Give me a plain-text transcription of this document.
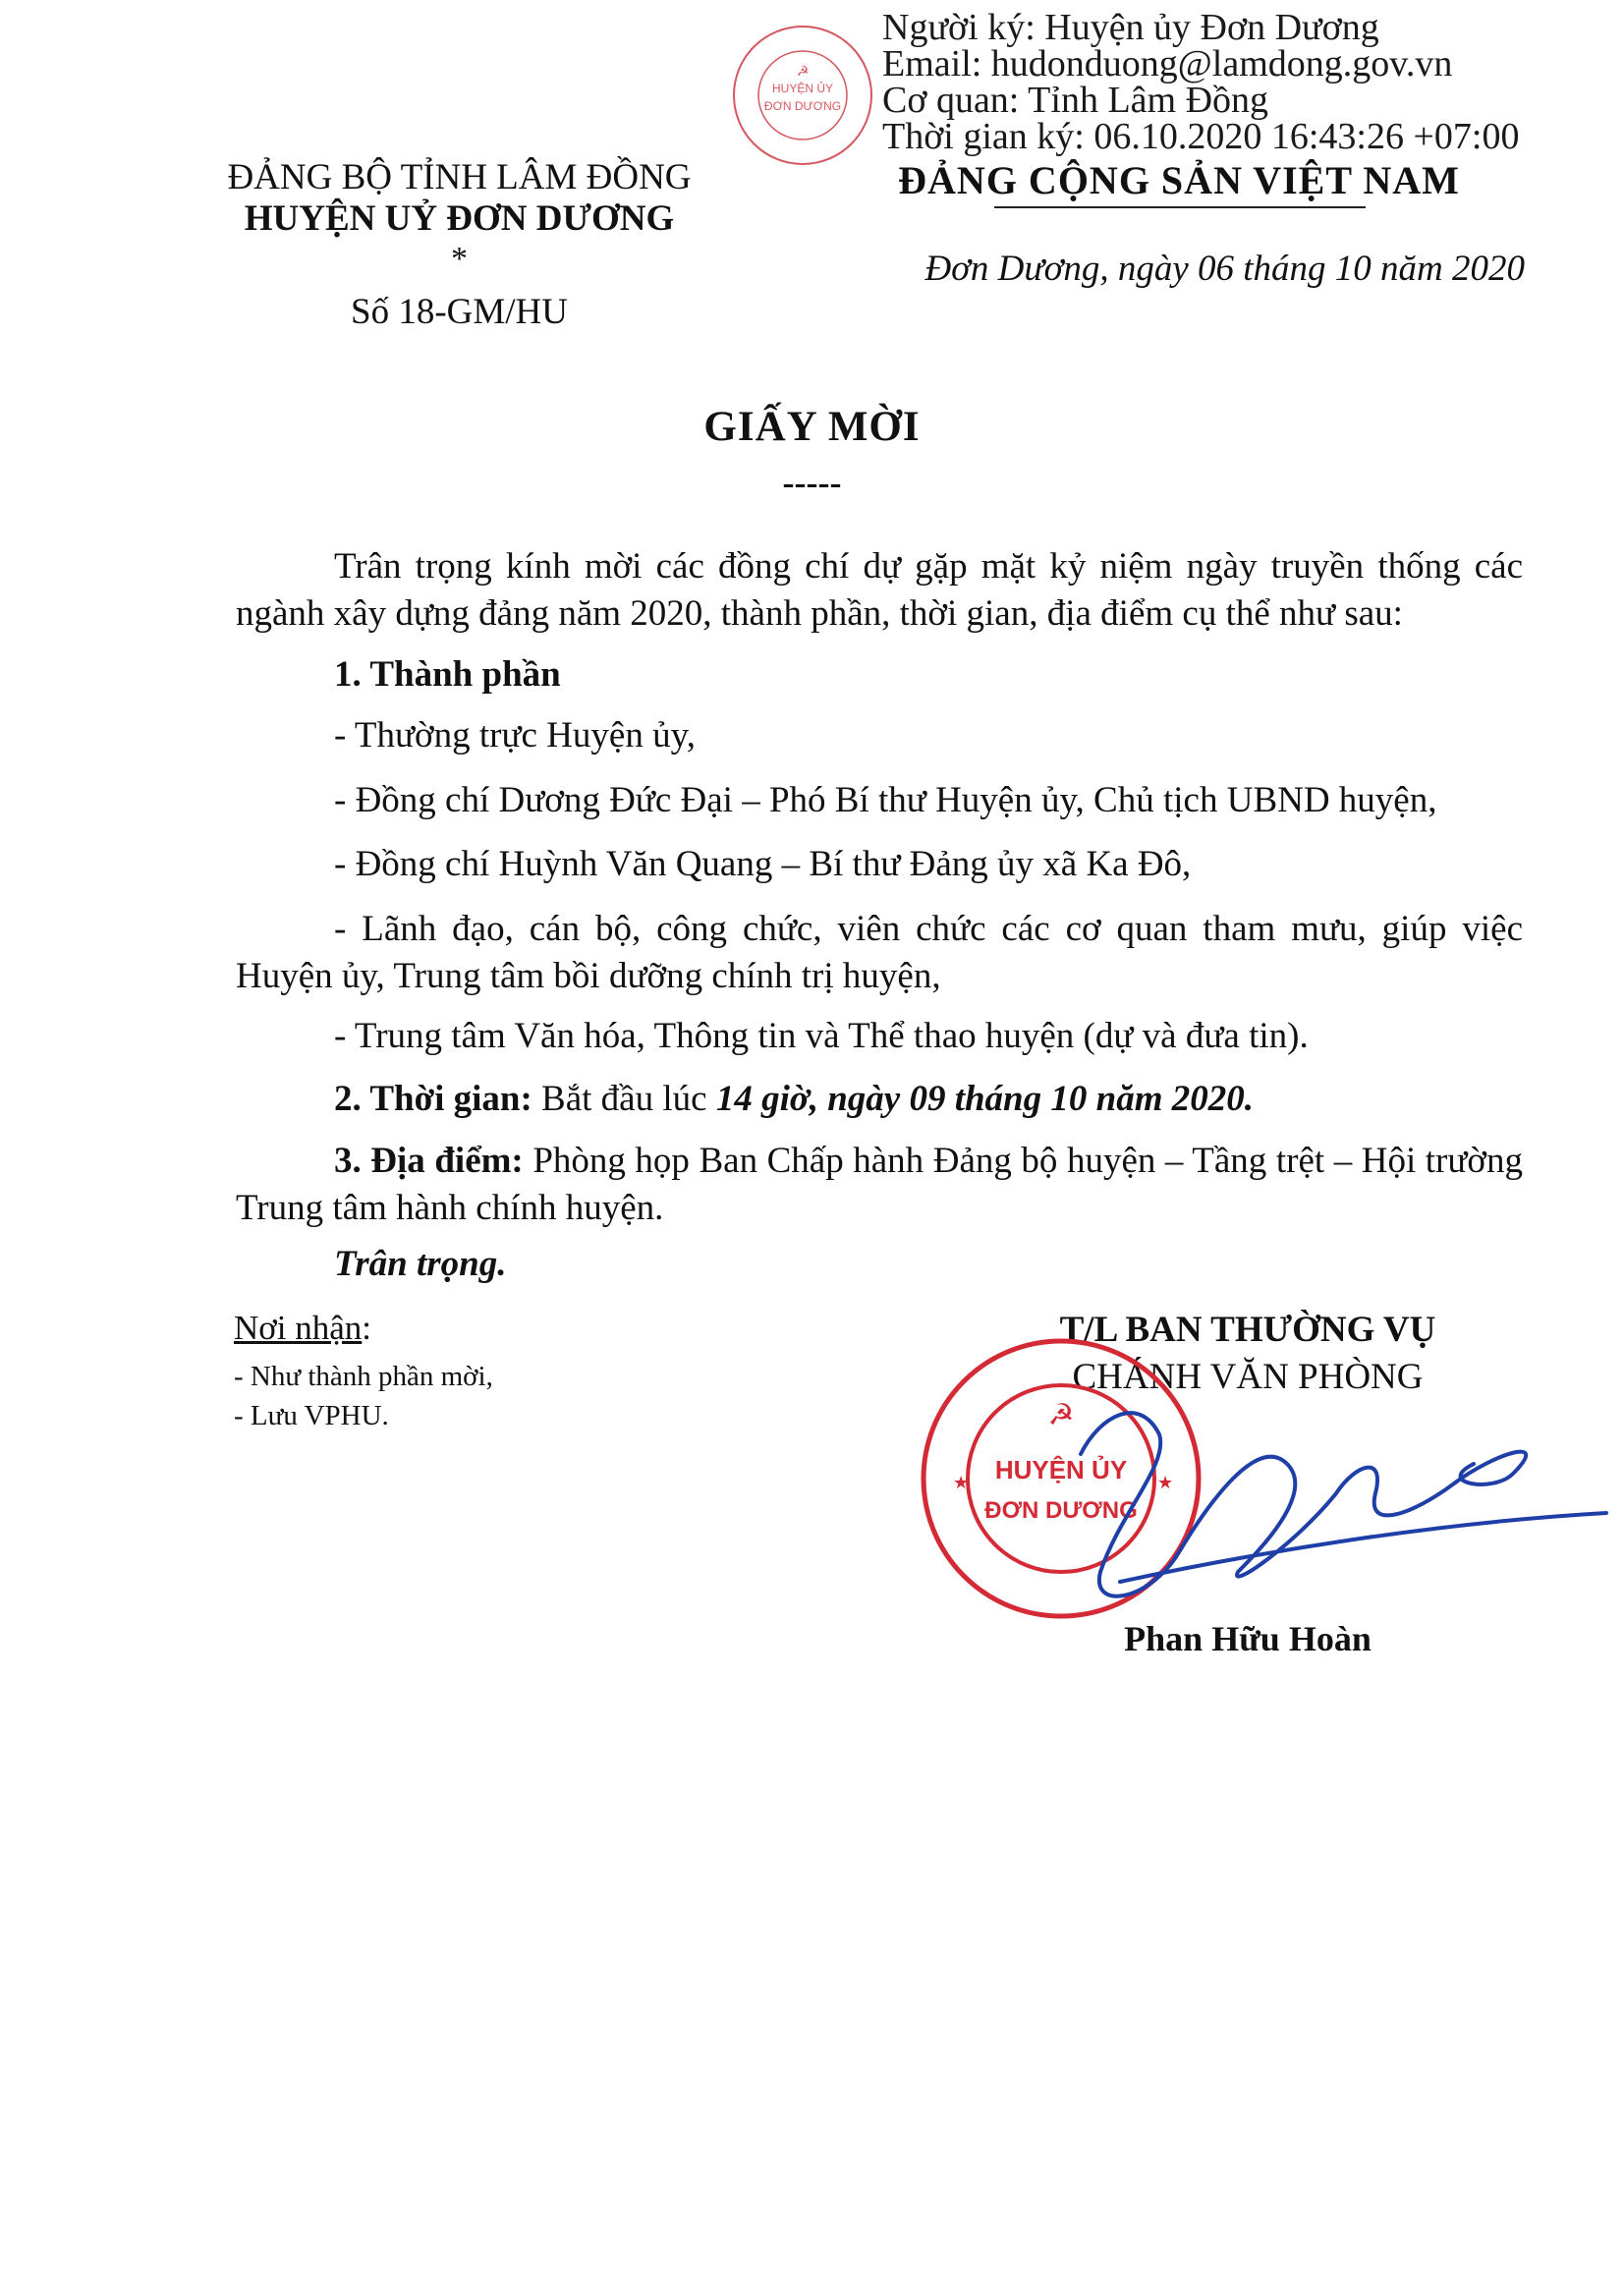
HUYỆN ỦY
ĐƠN DƯƠNG
☭
Người ký: Huyện ủy Đơn Dương
Email: hudonduong@lamdong.gov.vn
Cơ quan: Tỉnh Lâm Đồng
Thời gian ký: 06.10.2020 16:43:26 +07:00
ĐẢNG BỘ TỈNH LÂM ĐỒNG
HUYỆN UỶ ĐƠN DƯƠNG
*
Số 18-GM/HU
ĐẢNG CỘNG SẢN VIỆT NAM
Đơn Dương, ngày 06 tháng 10 năm 2020
GIẤY MỜI
-----
Trân trọng kính mời các đồng chí dự gặp mặt kỷ niệm ngày truyền thống các ngành xây dựng đảng năm 2020, thành phần, thời gian, địa điểm cụ thể như sau:
1. Thành phần
- Thường trực Huyện ủy,
- Đồng chí Dương Đức Đại – Phó Bí thư Huyện ủy, Chủ tịch UBND huyện,
- Đồng chí Huỳnh Văn Quang – Bí thư Đảng ủy xã Ka Đô,
- Lãnh đạo, cán bộ, công chức, viên chức các cơ quan tham mưu, giúp việc Huyện ủy, Trung tâm bồi dưỡng chính trị huyện,
- Trung tâm Văn hóa, Thông tin và Thể thao huyện (dự và đưa tin).
2. Thời gian: Bắt đầu lúc 14 giờ, ngày 09 tháng 10 năm 2020.
3. Địa điểm: Phòng họp Ban Chấp hành Đảng bộ huyện – Tầng trệt – Hội trường Trung tâm hành chính huyện.
Trân trọng.
Nơi nhận:
- Như thành phần mời,
- Lưu VPHU.
T/L BAN THƯỜNG VỤ
CHÁNH VĂN PHÒNG
☭
HUYỆN ỦY
ĐƠN DƯƠNG
★	★
Phan Hữu Hoàn
